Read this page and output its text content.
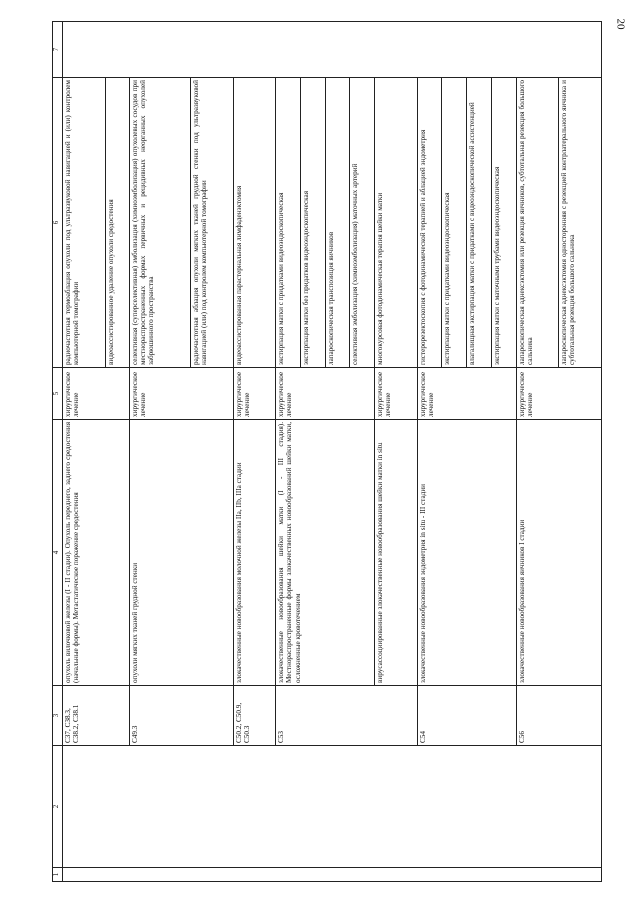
20
1	2	3	4	5	6	7
		C37, C38.3, C38.2, C38.1	опухоль вилочковой железы (I - II стадии). Опухоль переднего, заднего средостения (начальные формы). Метастатическое поражение средостения	хирургическое лечение	радиочастотная термоаблация опухоли под ультразвуковой навигацией и (или) контролем компьютерной томографии	
					видеоассистированное удаление опухоли средостения	
		C49.3	опухоли мягких тканей грудной стенки	хирургическое лечение	селективная (суперселективная) эмболизация (химиоэмболизация) опухолевых сосудов при местнораспространенных формах первичных и рецидивных неорганных опухолей забрюшинного пространства	
					радиочастотная аблация опухоли мягких тканей грудной стенки под ультразвуковой навигацией (или) под контролем компьютерной томографии	
		C50.2, C50.9, C50.3	злокачественные новообразования молочной железы IIa, IIb, IIIa стадии	хирургическое лечение	видеоассистированная парастернальная лимфаденэктомия	
		C53	злокачественные новообразования шейки матки (I - III стадия). Местнораспространенные формы злокачественных новообразований шейки матки, осложненные кровотечением	хирургическое лечение	экстирпация матки с придатками видеоэндоскопическая	
					экстирпация матки без придатков видеоэндоскопическая	
					лапароскопическая транспозиция яичников	
					селективная эмболизация (химиоэмболизация) маточных артерий	
			вирусассоциированные злокачественные новообразования шейки матки in situ	хирургическое лечение	многокурсовая фотодинамическая терапия шейки матки	
		C54	злокачественные новообразования эндометрия in situ - III стадии	хирургическое лечение	гистерорезектоскопия с фотодинамической терапией и аблацией эндометрия	
					экстирпация матки с придатками видеоэндоскопическая	
					влагалищная экстирпация матки с придатками с видеоэндоскопической ассистенцией	
					экстирпация матки с маточными трубами видеоэндоскопическая	
		C56	злокачественные новообразования яичников I стадии	хирургическое лечение	лапароскопическая аднексэктомия или резекция яичников, субтотальная резекция большого сальника	
					лапароскопическая аднексэктомия односторонняя с резекцией контрлатерального яичника и субтотальная резекция большого сальника	
